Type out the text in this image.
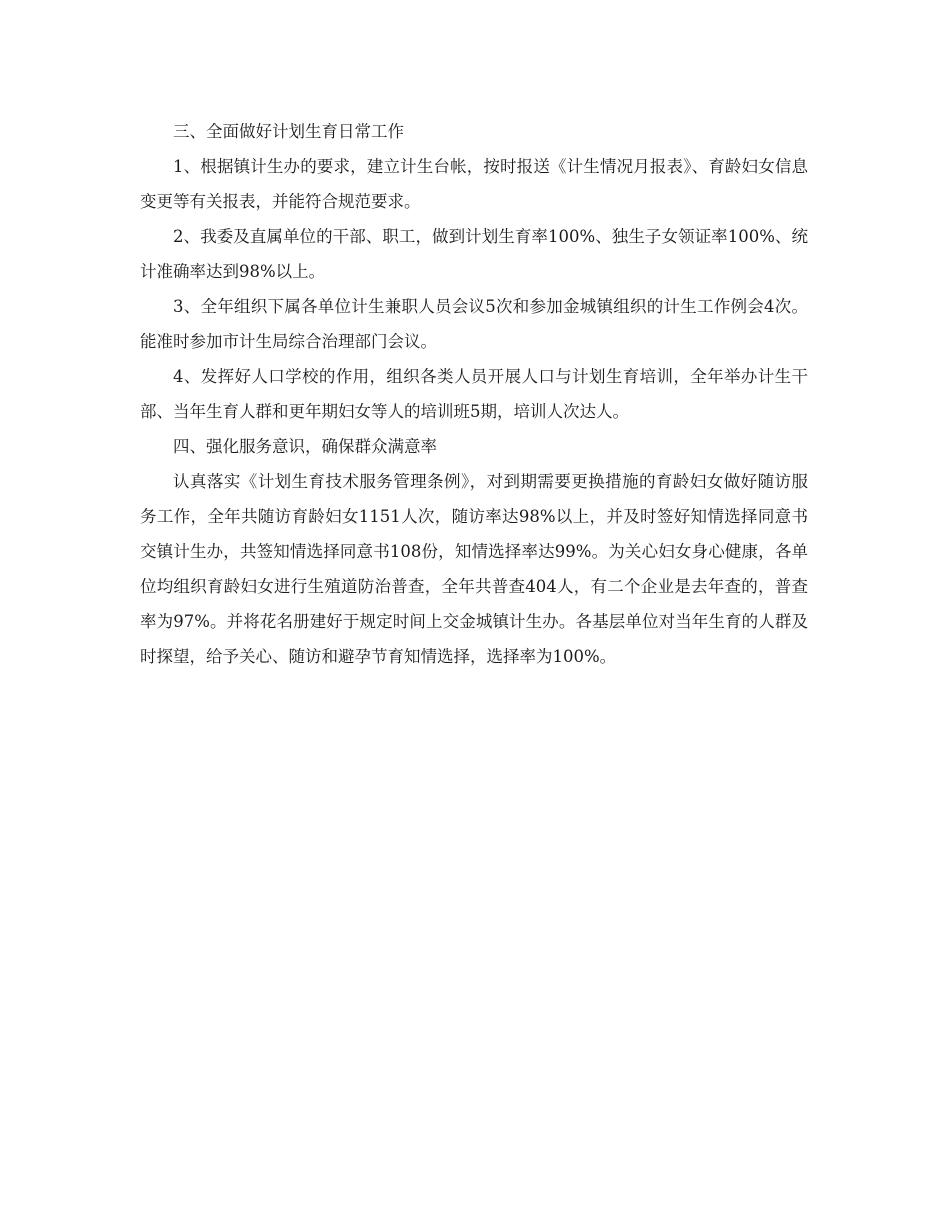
三、全面做好计划生育日常工作

1、根据镇计生办的要求，建立计生台帐，按时报送《计生情况月报表》、育龄妇女信息变更等有关报表，并能符合规范要求。

2、我委及直属单位的干部、职工，做到计划生育率100%、独生子女领证率100%、统计准确率达到98%以上。

3、全年组织下属各单位计生兼职人员会议5次和参加金城镇组织的计生工作例会4次。能准时参加市计生局综合治理部门会议。

4、发挥好人口学校的作用，组织各类人员开展人口与计划生育培训，全年举办计生干部、当年生育人群和更年期妇女等人的培训班5期，培训人次达人。

四、强化服务意识，确保群众满意率

认真落实《计划生育技术服务管理条例》，对到期需要更换措施的育龄妇女做好随访服务工作，全年共随访育龄妇女1151人次，随访率达98%以上，并及时签好知情选择同意书交镇计生办，共签知情选择同意书108份，知情选择率达99%。为关心妇女身心健康，各单位均组织育龄妇女进行生殖道防治普查，全年共普查404人，有二个企业是去年查的，普查率为97%。并将花名册建好于规定时间上交金城镇计生办。各基层单位对当年生育的人群及时探望，给予关心、随访和避孕节育知情选择，选择率为100%。
